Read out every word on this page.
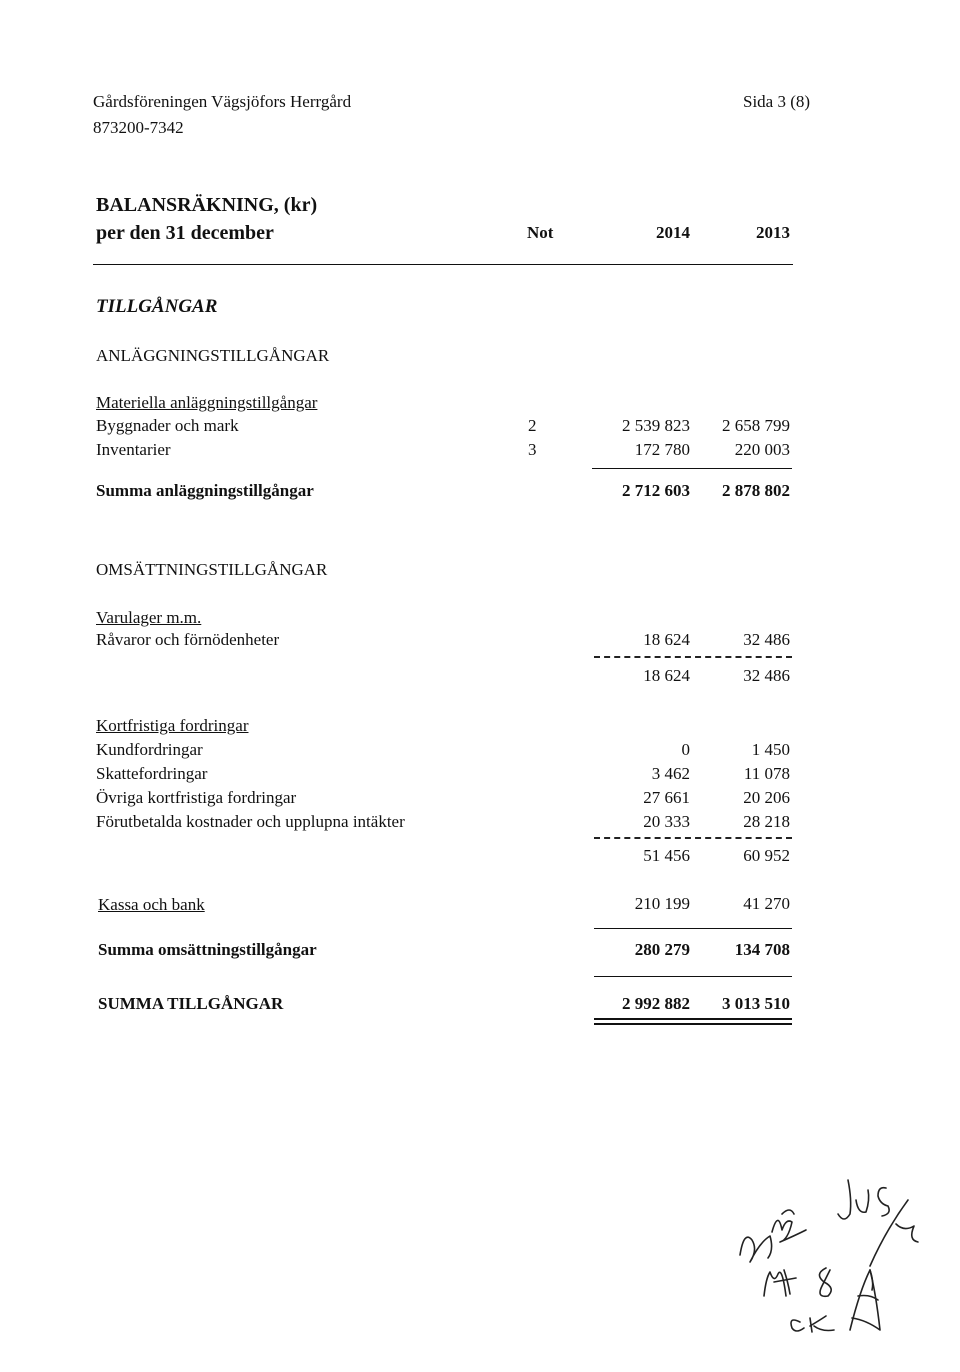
Gårdsföreningen Vägsjöfors Herrgård
873200-7342
Sida 3 (8)
BALANSRÄKNING, (kr)
per den 31 december	Not	2014	2013
TILLGÅNGAR
ANLÄGGNINGSTILLGÅNGAR
Materiella anläggningstillgångar
Byggnader och mark	2	2 539 823	2 658 799
Inventarier	3	172 780	220 003
Summa anläggningstillgångar	2 712 603	2 878 802
OMSÄTTNINGSTILLGÅNGAR
Varulager m.m.
Råvaror och förnödenheter	18 624	32 486
18 624	32 486
Kortfristiga fordringar
Kundfordringar	0	1 450
Skattefordringar	3 462	11 078
Övriga kortfristiga fordringar	27 661	20 206
Förutbetalda kostnader och upplupna intäkter	20 333	28 218
51 456	60 952
Kassa och bank	210 199	41 270
Summa omsättningstillgångar	280 279	134 708
SUMMA TILLGÅNGAR	2 992 882	3 013 510
